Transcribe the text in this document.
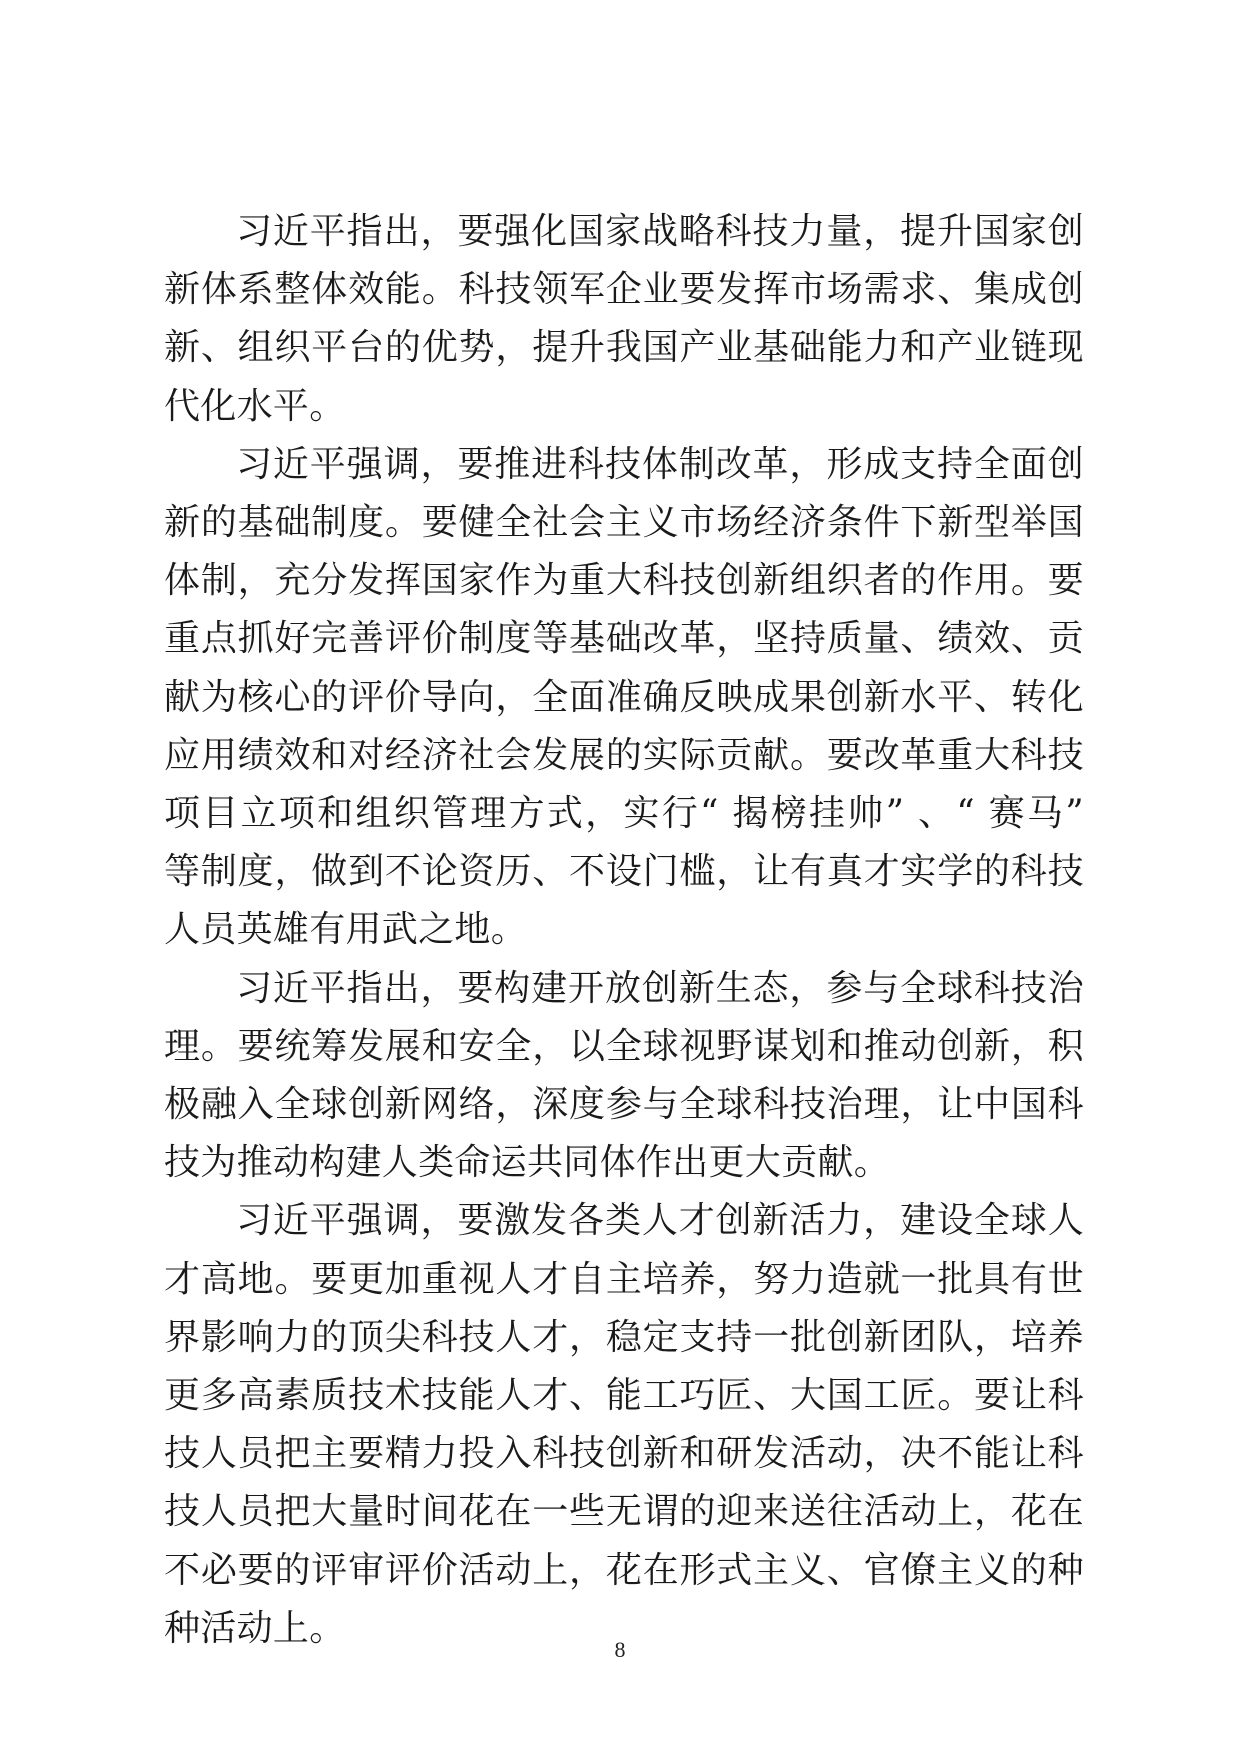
习近平指出，要强化国家战略科技力量，提升国家创新体系整体效能。科技领军企业要发挥市场需求、集成创新、组织平台的优势，提升我国产业基础能力和产业链现代化水平。

习近平强调，要推进科技体制改革，形成支持全面创新的基础制度。要健全社会主义市场经济条件下新型举国体制，充分发挥国家作为重大科技创新组织者的作用。要重点抓好完善评价制度等基础改革，坚持质量、绩效、贡献为核心的评价导向，全面准确反映成果创新水平、转化应用绩效和对经济社会发展的实际贡献。要改革重大科技项目立项和组织管理方式，实行“ 揭榜挂帅” 、“ 赛马” 等制度，做到不论资历、不设门槛，让有真才实学的科技人员英雄有用武之地。

习近平指出，要构建开放创新生态，参与全球科技治理。要统筹发展和安全，以全球视野谋划和推动创新，积极融入全球创新网络，深度参与全球科技治理，让中国科技为推动构建人类命运共同体作出更大贡献。

习近平强调，要激发各类人才创新活力，建设全球人才高地。要更加重视人才自主培养，努力造就一批具有世界影响力的顶尖科技人才，稳定支持一批创新团队，培养更多高素质技术技能人才、能工巧匠、大国工匠。要让科技人员把主要精力投入科技创新和研发活动，决不能让科技人员把大量时间花在一些无谓的迎来送往活动上，花在不必要的评审评价活动上，花在形式主义、官僚主义的种种活动上。

8
